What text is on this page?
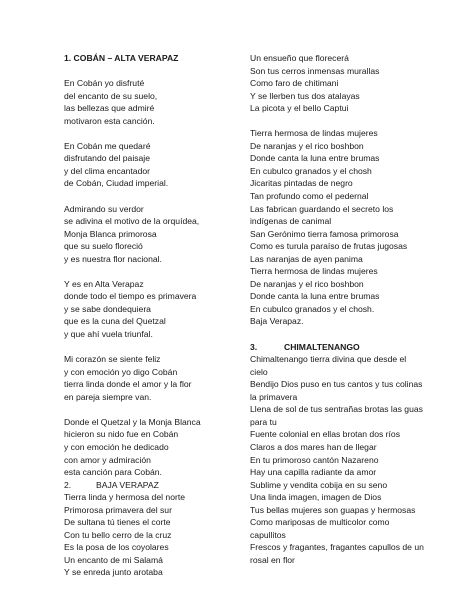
1. COBÁN – ALTA VERAPAZ
En Cobán yo disfruté
del encanto de su suelo,
las bellezas que admiré
motivaron esta canción.
En Cobán me quedaré
disfrutando del paisaje
y del clima encantador
de Cobán, Ciudad imperial.
Admirando su verdor
se adivina el motivo de la orquídea,
Monja Blanca primorosa
que su suelo floreció
y es nuestra flor nacional.
Y es en Alta Verapaz
donde todo el tiempo es primavera
y se sabe dondequiera
que es la cuna del Quetzal
y que ahí vuela triunfal.
Mi corazón se siente feliz
y con emoción yo digo Cobán
tierra linda donde el amor y la flor
en pareja siempre van.
Donde el Quetzal y la Monja Blanca
hicieron su nido fue en Cobán
y con emoción he dedicado
con amor y admiración
esta canción para Cobán.
2.	BAJA VERAPAZ
Tierra linda y hermosa del norte
Primorosa primavera del sur
De sultana tú tienes el corte
Con tu bello cerro de la cruz
Es la posa de los coyolares
Un encanto de mi Salamá
Y se enreda junto arotaba
Un ensueño que florecerá
Son tus cerros inmensas murallas
Como faro de chitimani
Y se llerben tus dos atalayas
La picota y el bello Captui
Tierra hermosa de lindas mujeres
De naranjas y el rico boshbon
Donde canta la luna entre brumas
En cubulco granados y el chosh
Jicaritas pintadas de negro
Tan profundo como el pedernal
Las fabrican guardando el secreto los
indígenas de canimal
San Gerónimo tierra famosa primorosa
Como es turula paraíso de frutas jugosas
Las naranjas de ayen panima
Tierra hermosa de lindas mujeres
De naranjas y el rico boshbon
Donde canta la luna entre brumas
En cubulco granados y el chosh.
Baja Verapaz.
3.	CHIMALTENANGO
Chimaltenango tierra divina que desde el
cielo
Bendijo Dios puso en tus cantos y tus colinas
la primavera
Llena de sol de tus sentrañas brotas las guas
para tu
Fuente colonial en ellas brotan dos ríos
Claros a dos mares han de llegar
En tu primoroso cantón Nazareno
Hay una capilla radiante da amor
Sublime y vendita cobija en su seno
Una linda imagen, imagen de Dios
Tus bellas mujeres son guapas y hermosas
Como mariposas de multicolor como
capullitos
Frescos y fragantes, fragantes capullos de un
rosal en flor
